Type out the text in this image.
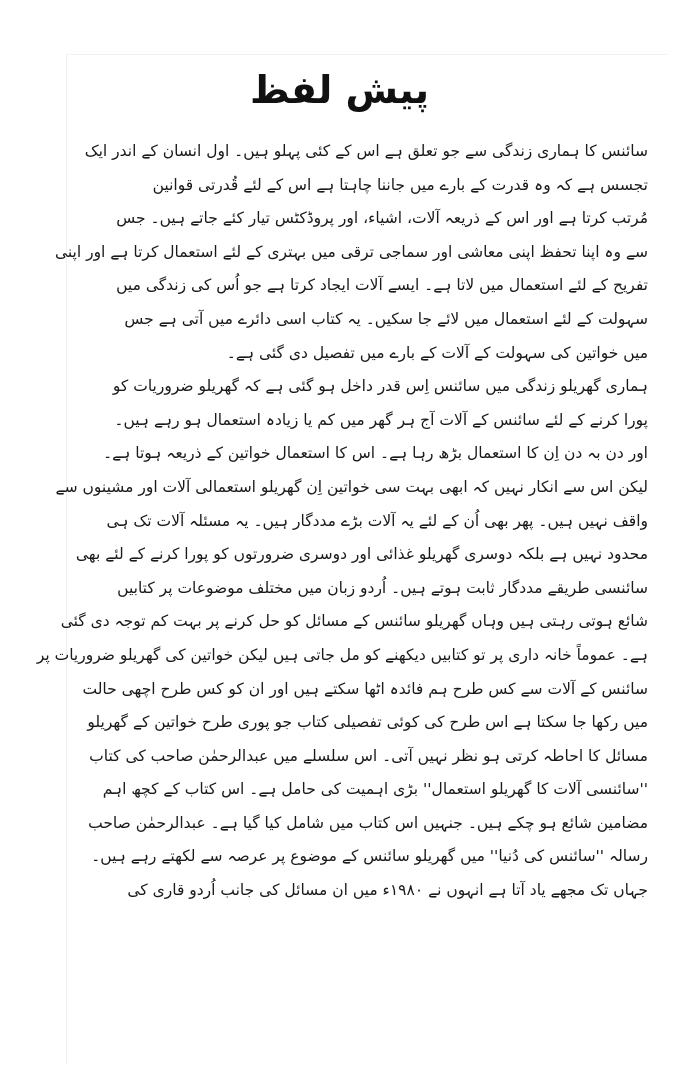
پیش لفظ
سائنس کا ہماری زندگی سے جو تعلق ہے اس کے کئی پہلو ہیں۔ اول انسان کے اندر ایک
تجسس ہے کہ وہ قدرت کے بارے میں جاننا چاہتا ہے اس کے لئے قُدرتی قوانین
مُرتب کرتا ہے اور اس کے ذریعہ آلات، اشیاء، اور پروڈکٹس تیار کئے جاتے ہیں۔ جس
سے وہ اپنا تحفظ اپنی معاشی اور سماجی ترقی میں بہتری کے لئے استعمال کرتا ہے اور اپنی
تفریح کے لئے استعمال میں لاتا ہے۔ ایسے آلات ایجاد کرتا ہے جو اُس کی زندگی میں
سہولت کے لئے استعمال میں لائے جا سکیں۔ یہ کتاب اسی دائرے میں آتی ہے جس
میں خواتین کی سہولت کے آلات کے بارے میں تفصیل دی گئی ہے۔
ہماری گھریلو زندگی میں سائنس اِس قدر داخل ہو گئی ہے کہ گھریلو ضروریات کو
پورا کرنے کے لئے سائنس کے آلات آج ہر گھر میں کم یا زیادہ استعمال ہو رہے ہیں۔
اور دن بہ دن اِن کا استعمال بڑھ رہا ہے۔ اس کا استعمال خواتین کے ذریعہ ہوتا ہے۔
لیکن اس سے انکار نہیں کہ ابھی بہت سی خواتین اِن گھریلو استعمالی آلات اور مشینوں سے
واقف نہیں ہیں۔ پھر بھی اُن کے لئے یہ آلات بڑے مددگار ہیں۔ یہ مسئلہ آلات تک ہی
محدود نہیں ہے بلکہ دوسری گھریلو غذائی اور دوسری ضرورتوں کو پورا کرنے کے لئے بھی
سائنسی طریقے مددگار ثابت ہوتے ہیں۔ اُردو زبان میں مختلف موضوعات پر کتابیں
شائع ہوتی رہتی ہیں وہاں گھریلو سائنس کے مسائل کو حل کرنے پر بہت کم توجہ دی گئی
ہے۔ عموماً خانہ داری پر تو کتابیں دیکھنے کو مل جاتی ہیں لیکن خواتین کی گھریلو ضروریات پر
سائنس کے آلات سے کس طرح ہم فائدہ اٹھا سکتے ہیں اور ان کو کس طرح اچھی حالت
میں رکھا جا سکتا ہے اس طرح کی کوئی تفصیلی کتاب جو پوری طرح خواتین کے گھریلو
مسائل کا احاطہ کرتی ہو نظر نہیں آتی۔ اس سلسلے میں عبدالرحمٰن صاحب کی کتاب
''سائنسی آلات کا گھریلو استعمال'' بڑی اہمیت کی حامل ہے۔ اس کتاب کے کچھ اہم
مضامین شائع ہو چکے ہیں۔ جنہیں اس کتاب میں شامل کیا گیا ہے۔ عبدالرحمٰن صاحب
رسالہ ''سائنس کی دُنیا'' میں گھریلو سائنس کے موضوع پر عرصہ سے لکھتے رہے ہیں۔
جہاں تک مجھے یاد آتا ہے انہوں نے ۱۹۸۰ء میں ان مسائل کی جانب اُردو قاری کی
